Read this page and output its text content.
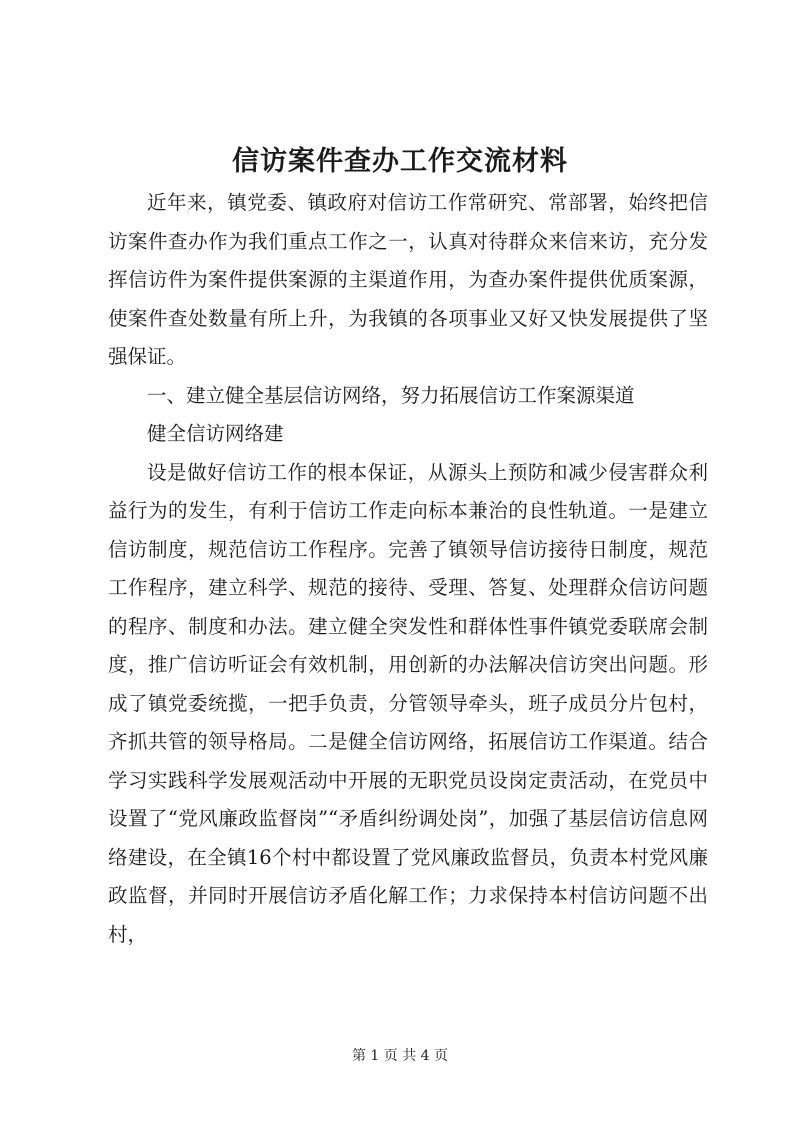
信访案件查办工作交流材料

近年来，镇党委、镇政府对信访工作常研究、常部署，始终把信访案件查办作为我们重点工作之一，认真对待群众来信来访，充分发挥信访件为案件提供案源的主渠道作用，为查办案件提供优质案源，使案件查处数量有所上升，为我镇的各项事业又好又快发展提供了坚强保证。

一、建立健全基层信访网络，努力拓展信访工作案源渠道

健全信访网络建

设是做好信访工作的根本保证，从源头上预防和减少侵害群众利益行为的发生，有利于信访工作走向标本兼治的良性轨道。一是建立信访制度，规范信访工作程序。完善了镇领导信访接待日制度，规范工作程序，建立科学、规范的接待、受理、答复、处理群众信访问题的程序、制度和办法。建立健全突发性和群体性事件镇党委联席会制度，推广信访听证会有效机制，用创新的办法解决信访突出问题。形成了镇党委统揽，一把手负责，分管领导牵头，班子成员分片包村，齐抓共管的领导格局。二是健全信访网络，拓展信访工作渠道。结合学习实践科学发展观活动中开展的无职党员设岗定责活动，在党员中设置了“党风廉政监督岗”“矛盾纠纷调处岗”，加强了基层信访信息网络建设，在全镇16个村中都设置了党风廉政监督员，负责本村党风廉政监督，并同时开展信访矛盾化解工作；力求保持本村信访问题不出村，

第 1 页 共 4 页
